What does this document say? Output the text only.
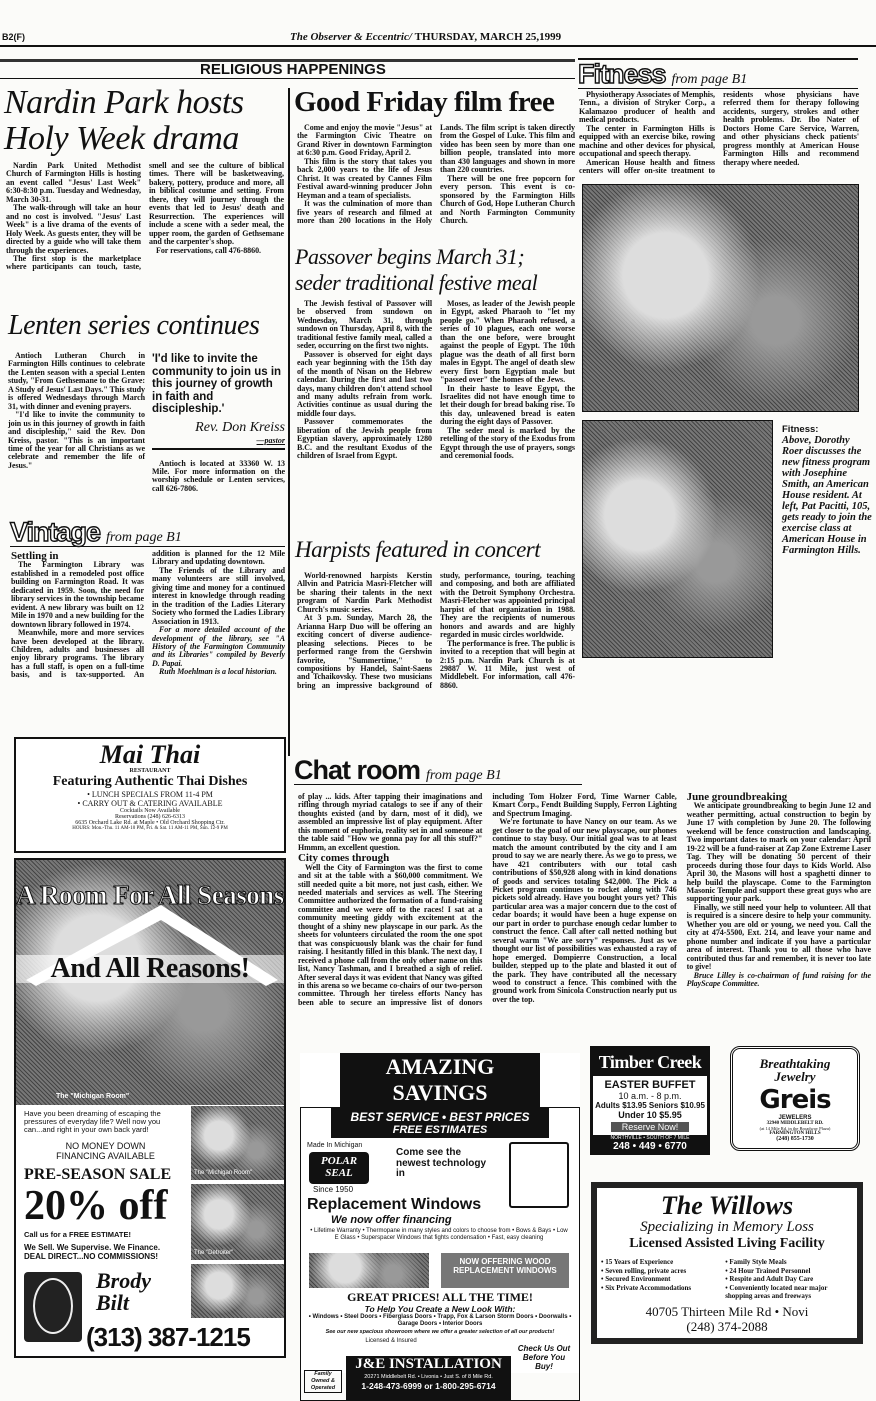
B2(F)	The Observer & Eccentric/ THURSDAY, MARCH 25,1999
RELIGIOUS HAPPENINGS
Nardin Park hosts
Holy Week drama

Nardin Park United Methodist Church of Farmington Hills is hosting an event called "Jesus' Last Week" 6:30-8:30 p.m. Tuesday and Wednesday, March 30-31.

The walk-through will take an hour and no cost is involved. "Jesus' Last Week" is a live drama of the events of Holy Week. As guests enter, they will be directed by a guide who will take them through the experiences.

The first stop is the marketplace where participants can touch, taste, smell and see the culture of biblical times. There will be basketweaving, bakery, pottery, produce and more, all in biblical costume and setting. From there, they will journey through the events that led to Jesus' death and Resurrection. The experiences will include a scene with a seder meal, the upper room, the garden of Gethsemane and the carpenter's shop.

For reservations, call 476-8860.

Lenten series continues

Antioch Lutheran Church in Farmington Hills continues to celebrate the Lenten season with a special Lenten study, "From Gethsemane to the Grave: A Study of Jesus' Last Days." This study is offered Wednesdays through March 31, with dinner and evening prayers.

"I'd like to invite the community to join us in this journey of growth in faith and discipleship," said the Rev. Don Kreiss, pastor. "This is an important time of the year for all Christians as we celebrate and remember the life of Jesus."

'I'd like to invite the community to join us in this journey of growth in faith and discipleship.'
Rev. Don Kreiss
—pastor

Antioch is located at 33360 W. 13 Mile. For more information on the worship schedule or Lenten services, call 626-7806.

Vintage from page B1
Settling in

The Farmington Library was established in a remodeled post office building on Farmington Road. It was dedicated in 1959. Soon, the need for library services in the township became evident. A new library was built on 12 Mile in 1970 and a new building for the downtown library followed in 1974.

Meanwhile, more and more services have been developed at the library. Children, adults and businesses all enjoy library programs. The library has a full staff, is open on a full-time basis, and is tax-supported. An addition is planned for the 12 Mile Library and updating downtown.

The Friends of the Library and many volunteers are still involved, giving time and money for a continued interest in knowledge through reading in the tradition of the Ladies Literary Society who formed the Ladies Library Association in 1913.

For a more detailed account of the development of the library, see "A History of the Farmington Community and its Libraries" compiled by Beverly D. Papai.

Ruth Moehlman is a local historian.

Good Friday film free

Come and enjoy the movie "Jesus" at the Farmington Civic Theatre on Grand River in downtown Farmington at 6:30 p.m. Good Friday, April 2.

This film is the story that takes you back 2,000 years to the life of Jesus Christ. It was created by Cannes Film Festival award-winning producer John Heyman and a team of specialists.

It was the culmination of more than five years of research and filmed at more than 200 locations in the Holy Lands. The film script is taken directly from the Gospel of Luke. This film and video has been seen by more than one billion people, translated into more than 430 languages and shown in more than 220 countries.

There will be one free popcorn for every person. This event is co-sponsored by the Farmington Hills Church of God, Hope Lutheran Church and North Farmington Community Church.

Passover begins March 31;
seder traditional festive meal

The Jewish festival of Passover will be observed from sundown on Wednesday, March 31, through sundown on Thursday, April 8, with the traditional festive family meal, called a seder, occurring on the first two nights.

Passover is observed for eight days each year beginning with the 15th day of the month of Nisan on the Hebrew calendar. During the first and last two days, many children don't attend school and many adults refrain from work. Activities continue as usual during the middle four days.

Passover commemorates the liberation of the Jewish people from Egyptian slavery, approximately 1280 B.C. and the resultant Exodus of the children of Israel from Egypt.

Moses, as leader of the Jewish people in Egypt, asked Pharaoh to "let my people go." When Pharaoh refused, a series of 10 plagues, each one worse than the one before, were brought against the people of Egypt. The 10th plague was the death of all first born males in Egypt. The angel of death slew every first born Egyptian male but "passed over" the homes of the Jews.

In their haste to leave Egypt, the Israelites did not have enough time to let their dough for bread baking rise. To this day, unleavened bread is eaten during the eight days of Passover.

The seder meal is marked by the retelling of the story of the Exodus from Egypt through the use of prayers, songs and ceremonial foods.

Harpists featured in concert

World-renowned harpists Kerstin Allvin and Patricia Masri-Fletcher will be sharing their talents in the next program of Nardin Park Methodist Church's music series.

At 3 p.m. Sunday, March 28, the Arianna Harp Duo will be offering an exciting concert of diverse audience-pleasing selections. Pieces to be performed range from the Gershwin favorite, "Summertime," to compositions by Handel, Saint-Saens and Tchaikovsky. These two musicians bring an impressive background of study, performance, touring, teaching and composing, and both are affiliated with the Detroit Symphony Orchestra. Masri-Fletcher was appointed principal harpist of that organization in 1988. They are the recipients of numerous honors and awards and are highly regarded in music circles worldwide.

The performance is free. The public is invited to a reception that will begin at 2:15 p.m. Nardin Park Church is at 29887 W. 11 Mile, just west of Middlebelt. For information, call 476-8860.

Fitness from page B1

Physiotherapy Associates of Memphis, Tenn., a division of Stryker Corp., a Kalamazoo producer of health and medical products.

The center in Farmington Hills is equipped with an exercise bike, rowing machine and other devices for physical, occupational and speech therapy.

American House health and fitness centers will offer on-site treatment to residents whose physicians have referred them for therapy following accidents, surgery, strokes and other health problems. Dr. Ibo Nater of Doctors Home Care Service, Warren, and other physicians check patients' progress monthly at American House Farmington Hills and recommend therapy where needed.

Fitness:
Above, Dorothy Roer discusses the new fitness program with Josephine Smith, an American House resident. At left, Pat Pacitti, 105, gets ready to join the exercise class at American House in Farmington Hills.
Chat room from page B1

of play ... kids. After tapping their imaginations and rifling through myriad catalogs to see if any of their thoughts existed (and by darn, most of it did), we assembled an impressive list of play equipment. After this moment of euphoria, reality set in and someone at the table said "How we gonna pay for all this stuff?" Hmmm, an excellent question.

City comes through

Well the City of Farmington was the first to come and sit at the table with a $60,000 commitment. We still needed quite a bit more, not just cash, either. We needed materials and services as well. The Steering Committee authorized the formation of a fund-raising committee and we were off to the races! I sat at a community meeting giddy with excitement at the thought of a shiny new playscape in our park. As the sheets for volunteers circulated the room the one spot that was conspicuously blank was the chair for fund raising. I hesitantly filled in this blank. The next day, I received a phone call from the only other name on this list, Nancy Tashman, and I breathed a sigh of relief. After several days it was evident that Nancy was gifted in this arena so we became co-chairs of our two-person committee. Through her tireless efforts Nancy has been able to secure an impressive list of donors including Tom Holzer Ford, Time Warner Cable, Kmart Corp., Fendt Building Supply, Ferron Lighting and Spectrum Imaging.

We're fortunate to have Nancy on our team. As we get closer to the goal of our new playscape, our phones continue to stay busy. Our initial goal was to at least match the amount contributed by the city and I am proud to say we are nearly there. As we go to press, we have 421 contributers with our total cash contributions of $50,928 along with in kind donations of goods and services totaling $42,000. The Pick a Picket program continues to rocket along with 746 pickets sold already. Have you bought yours yet? This particular area was a major concern due to the cost of cedar boards; it would have been a huge expense on our part in order to purchase enough cedar lumber to construct the fence. Call after call netted nothing but several warm "We are sorry" responses. Just as we thought our list of possibilities was exhausted a ray of hope emerged. Dompierre Construction, a local builder, stepped up to the plate and blasted it out of the park. They have contributed all the necessary wood to construct a fence. This combined with the ground work from Sinicola Construction nearly put us over the top.

June groundbreaking

We anticipate groundbreaking to begin June 12 and weather permitting, actual construction to begin by June 17 with completion by June 20. The following weekend will be fence construction and landscaping. Two important dates to mark on your calendar: April 19-22 will be a fund-raiser at Zap Zone Extreme Laser Tag. They will be donating 50 percent of their proceeds during those four days to Kids World. Also April 30, the Masons will host a spaghetti dinner to help build the playscape. Come to the Farmington Masonic Temple and support these great guys who are supporting your park.

Finally, we still need your help to volunteer. All that is required is a sincere desire to help your community. Whether you are old or young, we need you. Call the city at 474-5500, Ext. 214, and leave your name and phone number and indicate if you have a particular area of interest. Thank you to all those who have contributed thus far and remember, it is never too late to give!

Bruce Lilley is co-chairman of fund raising for the PlayScape Committee.

Mai Thai
RESTAURANT
Featuring Authentic Thai Dishes
• LUNCH SPECIALS FROM 11-4 PM
• CARRY OUT & CATERING AVAILABLE
Cocktails Now Available
Reservations (248) 626-6313
6635 Orchard Lake Rd. at Maple • Old Orchard Shopping Ctr.
HOURS: Mon.-Thu. 11 AM-10 PM, Fri. & Sat. 11 AM-11 PM, Sun. 12-9 PM
A Room For All Seasons
And All Reasons!
The "Michigan Room"
The "Michigan Room"
The "Detroiter"
Have you been dreaming of escaping the pressures of everyday life? Well now you can...and right in your own back yard!
NO MONEY DOWN
FINANCING AVAILABLE
PRE-SEASON SALE
20% off
Call us for a FREE ESTIMATE!
We Sell. We Supervise. We Finance.
DEAL DIRECT...NO COMMISSIONS!
Brody Bilt
(313) 387-1215
AMAZING SAVINGS
BEST SERVICE • BEST PRICES
FREE ESTIMATES
Made In Michigan
POLAR SEAL
Since 1950
Come see the newest technology in
Replacement Windows
We now offer financing
• Lifetime Warranty • Thermopane in many styles and colors to choose from • Bows & Bays • Low E Glass • Superspacer Windows that fights condensation • Fast, easy cleaning
NOW OFFERING WOOD REPLACEMENT WINDOWS
GREAT PRICES! ALL THE TIME!
To Help You Create a New Look With:
• Windows • Steel Doors • Fiberglass Doors • Trapp, Fox & Larson Storm Doors • Doorwalls • Garage Doors • Interior Doors
See our new spacious showroom where we offer a greater selection of all our products!
Licensed & Insured
Check Us Out Before You Buy!
J&E INSTALLATION
20271 Middlebelt Rd. • Livonia • Just S. of 8 Mile Rd.
1-248-473-6999 or 1-800-295-6714
Family Owned & Operated
Timber Creek
EASTER BUFFET
10 a.m. - 8 p.m.
Adults $13.95 Seniors $10.95
Under 10 $5.95
Reserve Now!
NORTHVILLE • SOUTH OF 7 MILE
248 • 449 • 6770
Breathtaking Jewelry
Greis
JEWELERS
32940 MIDDLEBELT RD.
(at 14 Mile Rd. in the Broadway Plaza)
FARMINGTON HILLS
(248) 855-1730
The Willows
Specializing in Memory Loss
Licensed Assisted Living Facility
• 15 Years of Experience
• Seven rolling, private acres
• Secured Environment
• Six Private Accommodations
• Family Style Meals
• 24 Hour Trained Personnel
• Respite and Adult Day Care
• Conveniently located near major shopping areas and freeways
40705 Thirteen Mile Rd • Novi
(248) 374-2088
